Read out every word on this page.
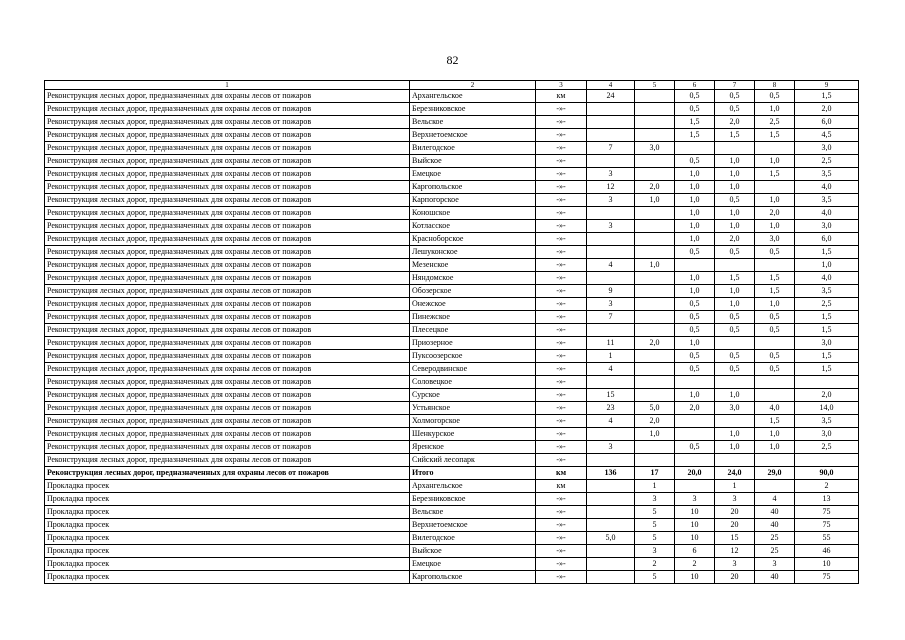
82
1	2	3	4	5	6	7	8	9
Реконструкция лесных дорог, предназначенных для охраны лесов от пожаров	Архангельское	км	24		0,5	0,5	0,5	1,5
Реконструкция лесных дорог, предназначенных для охраны лесов от пожаров	Березниковское	-»-			0,5	0,5	1,0	2,0
Реконструкция лесных дорог, предназначенных для охраны лесов от пожаров	Вельское	-»-			1,5	2,0	2,5	6,0
Реконструкция лесных дорог, предназначенных для охраны лесов от пожаров	Верхнетоемское	-»-			1,5	1,5	1,5	4,5
Реконструкция лесных дорог, предназначенных для охраны лесов от пожаров	Вилегодское	-»-	7	3,0				3,0
Реконструкция лесных дорог, предназначенных для охраны лесов от пожаров	Выйское	-»-			0,5	1,0	1,0	2,5
Реконструкция лесных дорог, предназначенных для охраны лесов от пожаров	Емецкое	-»-	3		1,0	1,0	1,5	3,5
Реконструкция лесных дорог, предназначенных для охраны лесов от пожаров	Каргопольское	-»-	12	2,0	1,0	1,0		4,0
Реконструкция лесных дорог, предназначенных для охраны лесов от пожаров	Карпогорское	-»-	3	1,0	1,0	0,5	1,0	3,5
Реконструкция лесных дорог, предназначенных для охраны лесов от пожаров	Коношское	-»-			1,0	1,0	2,0	4,0
Реконструкция лесных дорог, предназначенных для охраны лесов от пожаров	Котласское	-»-	3		1,0	1,0	1,0	3,0
Реконструкция лесных дорог, предназначенных для охраны лесов от пожаров	Красноборское	-»-			1,0	2,0	3,0	6,0
Реконструкция лесных дорог, предназначенных для охраны лесов от пожаров	Лешуконское	-»-			0,5	0,5	0,5	1,5
Реконструкция лесных дорог, предназначенных для охраны лесов от пожаров	Мезенское	-»-	4	1,0				1,0
Реконструкция лесных дорог, предназначенных для охраны лесов от пожаров	Няндомское	-»-			1,0	1,5	1,5	4,0
Реконструкция лесных дорог, предназначенных для охраны лесов от пожаров	Обозерское	-»-	9		1,0	1,0	1,5	3,5
Реконструкция лесных дорог, предназначенных для охраны лесов от пожаров	Онежское	-»-	3		0,5	1,0	1,0	2,5
Реконструкция лесных дорог, предназначенных для охраны лесов от пожаров	Пинежское	-»-	7		0,5	0,5	0,5	1,5
Реконструкция лесных дорог, предназначенных для охраны лесов от пожаров	Плесецкое	-»-			0,5	0,5	0,5	1,5
Реконструкция лесных дорог, предназначенных для охраны лесов от пожаров	Приозерное	-»-	11	2,0	1,0			3,0
Реконструкция лесных дорог, предназначенных для охраны лесов от пожаров	Пуксоозерское	-»-	1		0,5	0,5	0,5	1,5
Реконструкция лесных дорог, предназначенных для охраны лесов от пожаров	Северодвинское	-»-	4		0,5	0,5	0,5	1,5
Реконструкция лесных дорог, предназначенных для охраны лесов от пожаров	Соловецкое	-»-						
Реконструкция лесных дорог, предназначенных для охраны лесов от пожаров	Сурское	-»-	15		1,0	1,0		2,0
Реконструкция лесных дорог, предназначенных для охраны лесов от пожаров	Устьянское	-»-	23	5,0	2,0	3,0	4,0	14,0
Реконструкция лесных дорог, предназначенных для охраны лесов от пожаров	Холмогорское	-»-	4	2,0			1,5	3,5
Реконструкция лесных дорог, предназначенных для охраны лесов от пожаров	Шенкурское	-»-		1,0		1,0	1,0	3,0
Реконструкция лесных дорог, предназначенных для охраны лесов от пожаров	Яренское	-»-	3		0,5	1,0	1,0	2,5
Реконструкция лесных дорог, предназначенных для охраны лесов от пожаров	Сийский лесопарк	-»-						
Реконструкция лесных дорог, предназначенных для охраны лесов от пожаров	Итого	км	136	17	20,0	24,0	29,0	90,0
Прокладка просек	Архангельское	км		1		1		2
Прокладка просек	Березниковское	-»-		3	3	3	4	13
Прокладка просек	Вельское	-»-		5	10	20	40	75
Прокладка просек	Верхнетоемское	-»-		5	10	20	40	75
Прокладка просек	Вилегодское	-»-	5,0	5	10	15	25	55
Прокладка просек	Выйское	-»-		3	6	12	25	46
Прокладка просек	Емецкое	-»-		2	2	3	3	10
Прокладка просек	Каргопольское	-»-		5	10	20	40	75
